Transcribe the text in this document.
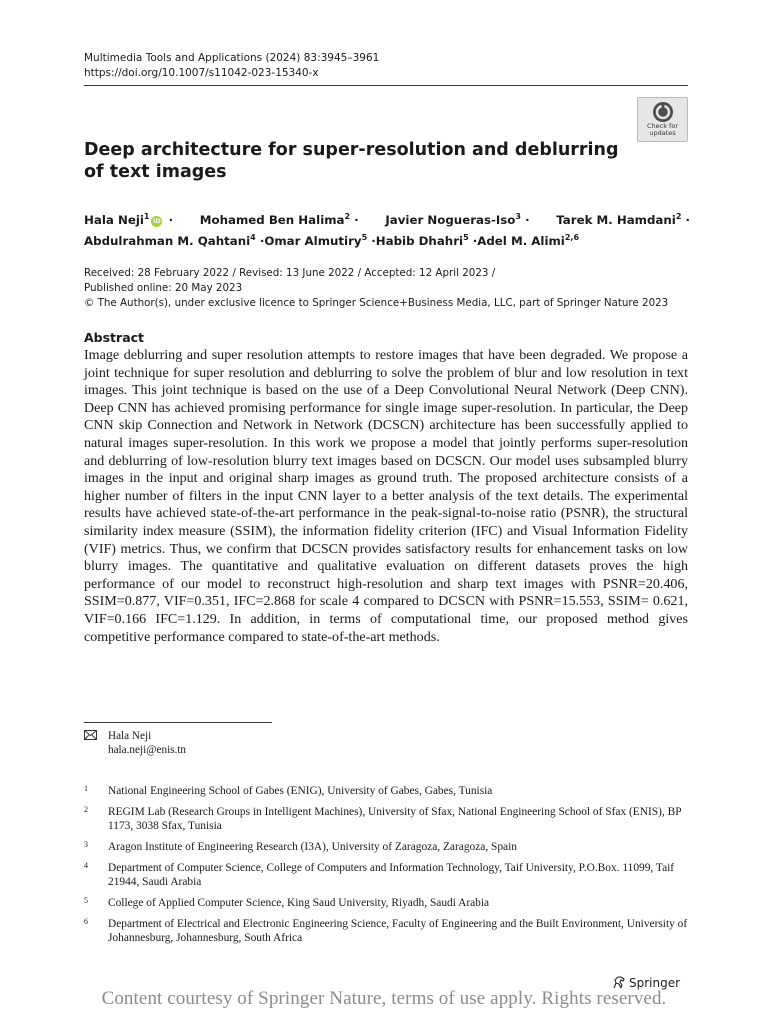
Multimedia Tools and Applications (2024) 83:3945–3961
https://doi.org/10.1007/s11042-023-15340-x
Check for
updates
Deep architecture for super-resolution and deblurring of text images
Hala Neji$^1$ iD · Mohamed Ben Halima$^2$ · Javier Nogueras-Iso$^3$ · Tarek M. Hamdani$^2$ ·
Abdulrahman M. Qahtani$^4$ · Omar Almutiry$^5$ · Habib Dhahri$^5$ · Adel M. Alimi$^{2,6}$
Received: 28 February 2022 / Revised: 13 June 2022 / Accepted: 12 April 2023 /
Published online: 20 May 2023
© The Author(s), under exclusive licence to Springer Science+Business Media, LLC, part of Springer Nature 2023
Abstract

Image deblurring and super resolution attempts to restore images that have been degraded. We propose a joint technique for super resolution and deblurring to solve the problem of blur and low resolution in text images. This joint technique is based on the use of a Deep Convolutional Neural Network (Deep CNN). Deep CNN has achieved promising performance for single image super-resolution. In particular, the Deep CNN skip Connection and Network in Network (DCSCN) architecture has been successfully applied to natural images super-resolution. In this work we propose a model that jointly performs super-resolution and deblurring of low-resolution blurry text images based on DCSCN. Our model uses subsampled blurry images in the input and original sharp images as ground truth. The proposed architecture consists of a higher number of filters in the input CNN layer to a better analysis of the text details. The experimental results have achieved state-of-the-art performance in the peak-signal-to-noise ratio (PSNR), the structural similarity index measure (SSIM), the information fidelity criterion (IFC) and Visual Information Fidelity (VIF) metrics. Thus, we confirm that DCSCN provides satisfactory results for enhancement tasks on low blurry images. The quantitative and qualitative evaluation on different datasets proves the high performance of our model to reconstruct high-resolution and sharp text images with PSNR=20.406, SSIM=0.877, VIF=0.351, IFC=2.868 for scale 4 compared to DCSCN with PSNR=15.553, SSIM= 0.621, VIF=0.166 IFC=1.129. In addition, in terms of computational time, our proposed method gives competitive performance compared to state-of-the-art methods.

Hala Neji
hala.neji@enis.tn
1 National Engineering School of Gabes (ENIG), University of Gabes, Gabes, Tunisia
2 REGIM Lab (Research Groups in Intelligent Machines), University of Sfax, National Engineering School of Sfax (ENIS), BP 1173, 3038 Sfax, Tunisia
3 Aragon Institute of Engineering Research (I3A), University of Zaragoza, Zaragoza, Spain
4 Department of Computer Science, College of Computers and Information Technology, Taif University, P.O.Box. 11099, Taif 21944, Saudi Arabia
5 College of Applied Computer Science, King Saud University, Riyadh, Saudi Arabia
6 Department of Electrical and Electronic Engineering Science, Faculty of Engineering and the Built Environment, University of Johannesburg, Johannesburg, South Africa
Springer
Content courtesy of Springer Nature, terms of use apply. Rights reserved.
